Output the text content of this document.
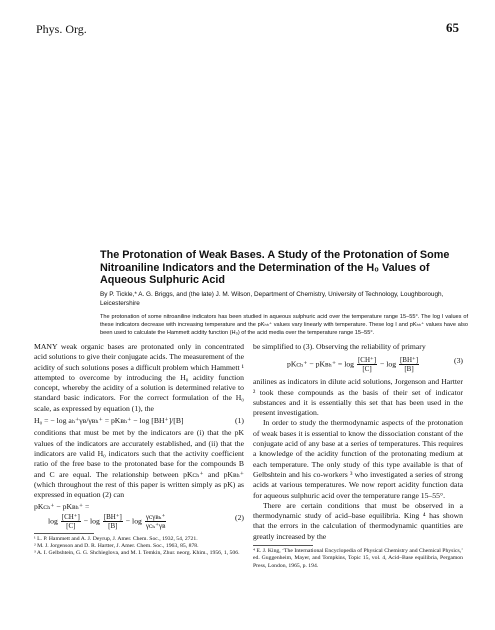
Phys. Org.	65
The Protonation of Weak Bases. A Study of the Protonation of Some Nitroaniline Indicators and the Determination of the H₀ Values of Aqueous Sulphuric Acid
By P. Tickle,* A. G. Briggs, and (the late) J. M. Wilson, Department of Chemistry, University of Technology, Loughborough, Leicestershire
The protonation of some nitroaniline indicators has been studied in aqueous sulphuric acid over the temperature range 15–55°. The log I values of these indicators decrease with increasing temperature and the pKₕₕ⁺ values vary linearly with temperature. These log I and pKₕₕ⁺ values have also been used to calculate the Hammett acidity function (H₀) of the acid media over the temperature range 15–55°.

MANY weak organic bases are protonated only in concentrated acid solutions to give their conjugate acids. The measurement of the acidity of such solutions poses a difficult problem which Hammett ¹ attempted to overcome by introducing the H₀ acidity function concept, whereby the acidity of a solution is determined relative to standard basic indicators. For the correct formulation of the H₀ scale, as expressed by equation (1), the

H₀ = − log aₕ⁺γʙ/γʙₕ⁺ = pKʙₕ⁺ − log [BH⁺]/[B]	(1)

conditions that must be met by the indicators are (i) that the pK values of the indicators are accurately established, and (ii) that the indicators are valid H₀ indicators such that the activity coefficient ratio of the free base to the protonated base for the compounds B and C are equal. The relationship between pKᴄₕ⁺ and pKʙₕ⁺ (which throughout the rest of this paper is written simply as pK) as expressed in equation (2) can

pKᴄₕ⁺ − pKʙₕ⁺ =
$\log \frac{[CH^+]}{[C]} - \log \frac{[BH^+]}{[B]} - \log \frac{\text{γᴄγʙₕ⁺}}{\text{γᴄₕ⁺γʙ}}$	(2)

¹ L. P. Hammett and A. J. Deyrup, J. Amer. Chem. Soc., 1932, 54, 2721.

² M. J. Jorgenson and D. R. Hartter, J. Amer. Chem. Soc., 1963, 85, 878.

³ A. I. Gelbshtein, G. G. Shchieglova, and M. I. Temkin, Zhur. neorg. Khim., 1956, 1, 506.

be simplified to (3). Observing the reliability of primary

pKᴄₕ⁺ − pKʙₕ⁺ = $\log \frac{[CH^+]}{[C]} - \log \frac{[BH^+]}{[B]}$	(3)

anilines as indicators in dilute acid solutions, Jorgenson and Hartter ² took these compounds as the basis of their set of indicator substances and it is essentially this set that has been used in the present investigation.

In order to study the thermodynamic aspects of the protonation of weak bases it is essential to know the dissociation constant of the conjugate acid of any base at a series of temperatures. This requires a knowledge of the acidity function of the protonating medium at each temperature. The only study of this type available is that of Gelbshtein and his co-workers ³ who investigated a series of strong acids at various temperatures. We now report acidity function data for aqueous sulphuric acid over the temperature range 15–55°.

There are certain conditions that must be observed in a thermodynamic study of acid–base equilibria. King ⁴ has shown that the errors in the calculation of thermodynamic quantities are greatly increased by the

⁴ E. J. King, ‘The International Encyclopedia of Physical Chemistry and Chemical Physics,’ ed. Guggenheim, Mayer, and Tompkins, Topic 15, vol. 4, Acid–Base equilibria, Pergamon Press, London, 1965, p. 194.
